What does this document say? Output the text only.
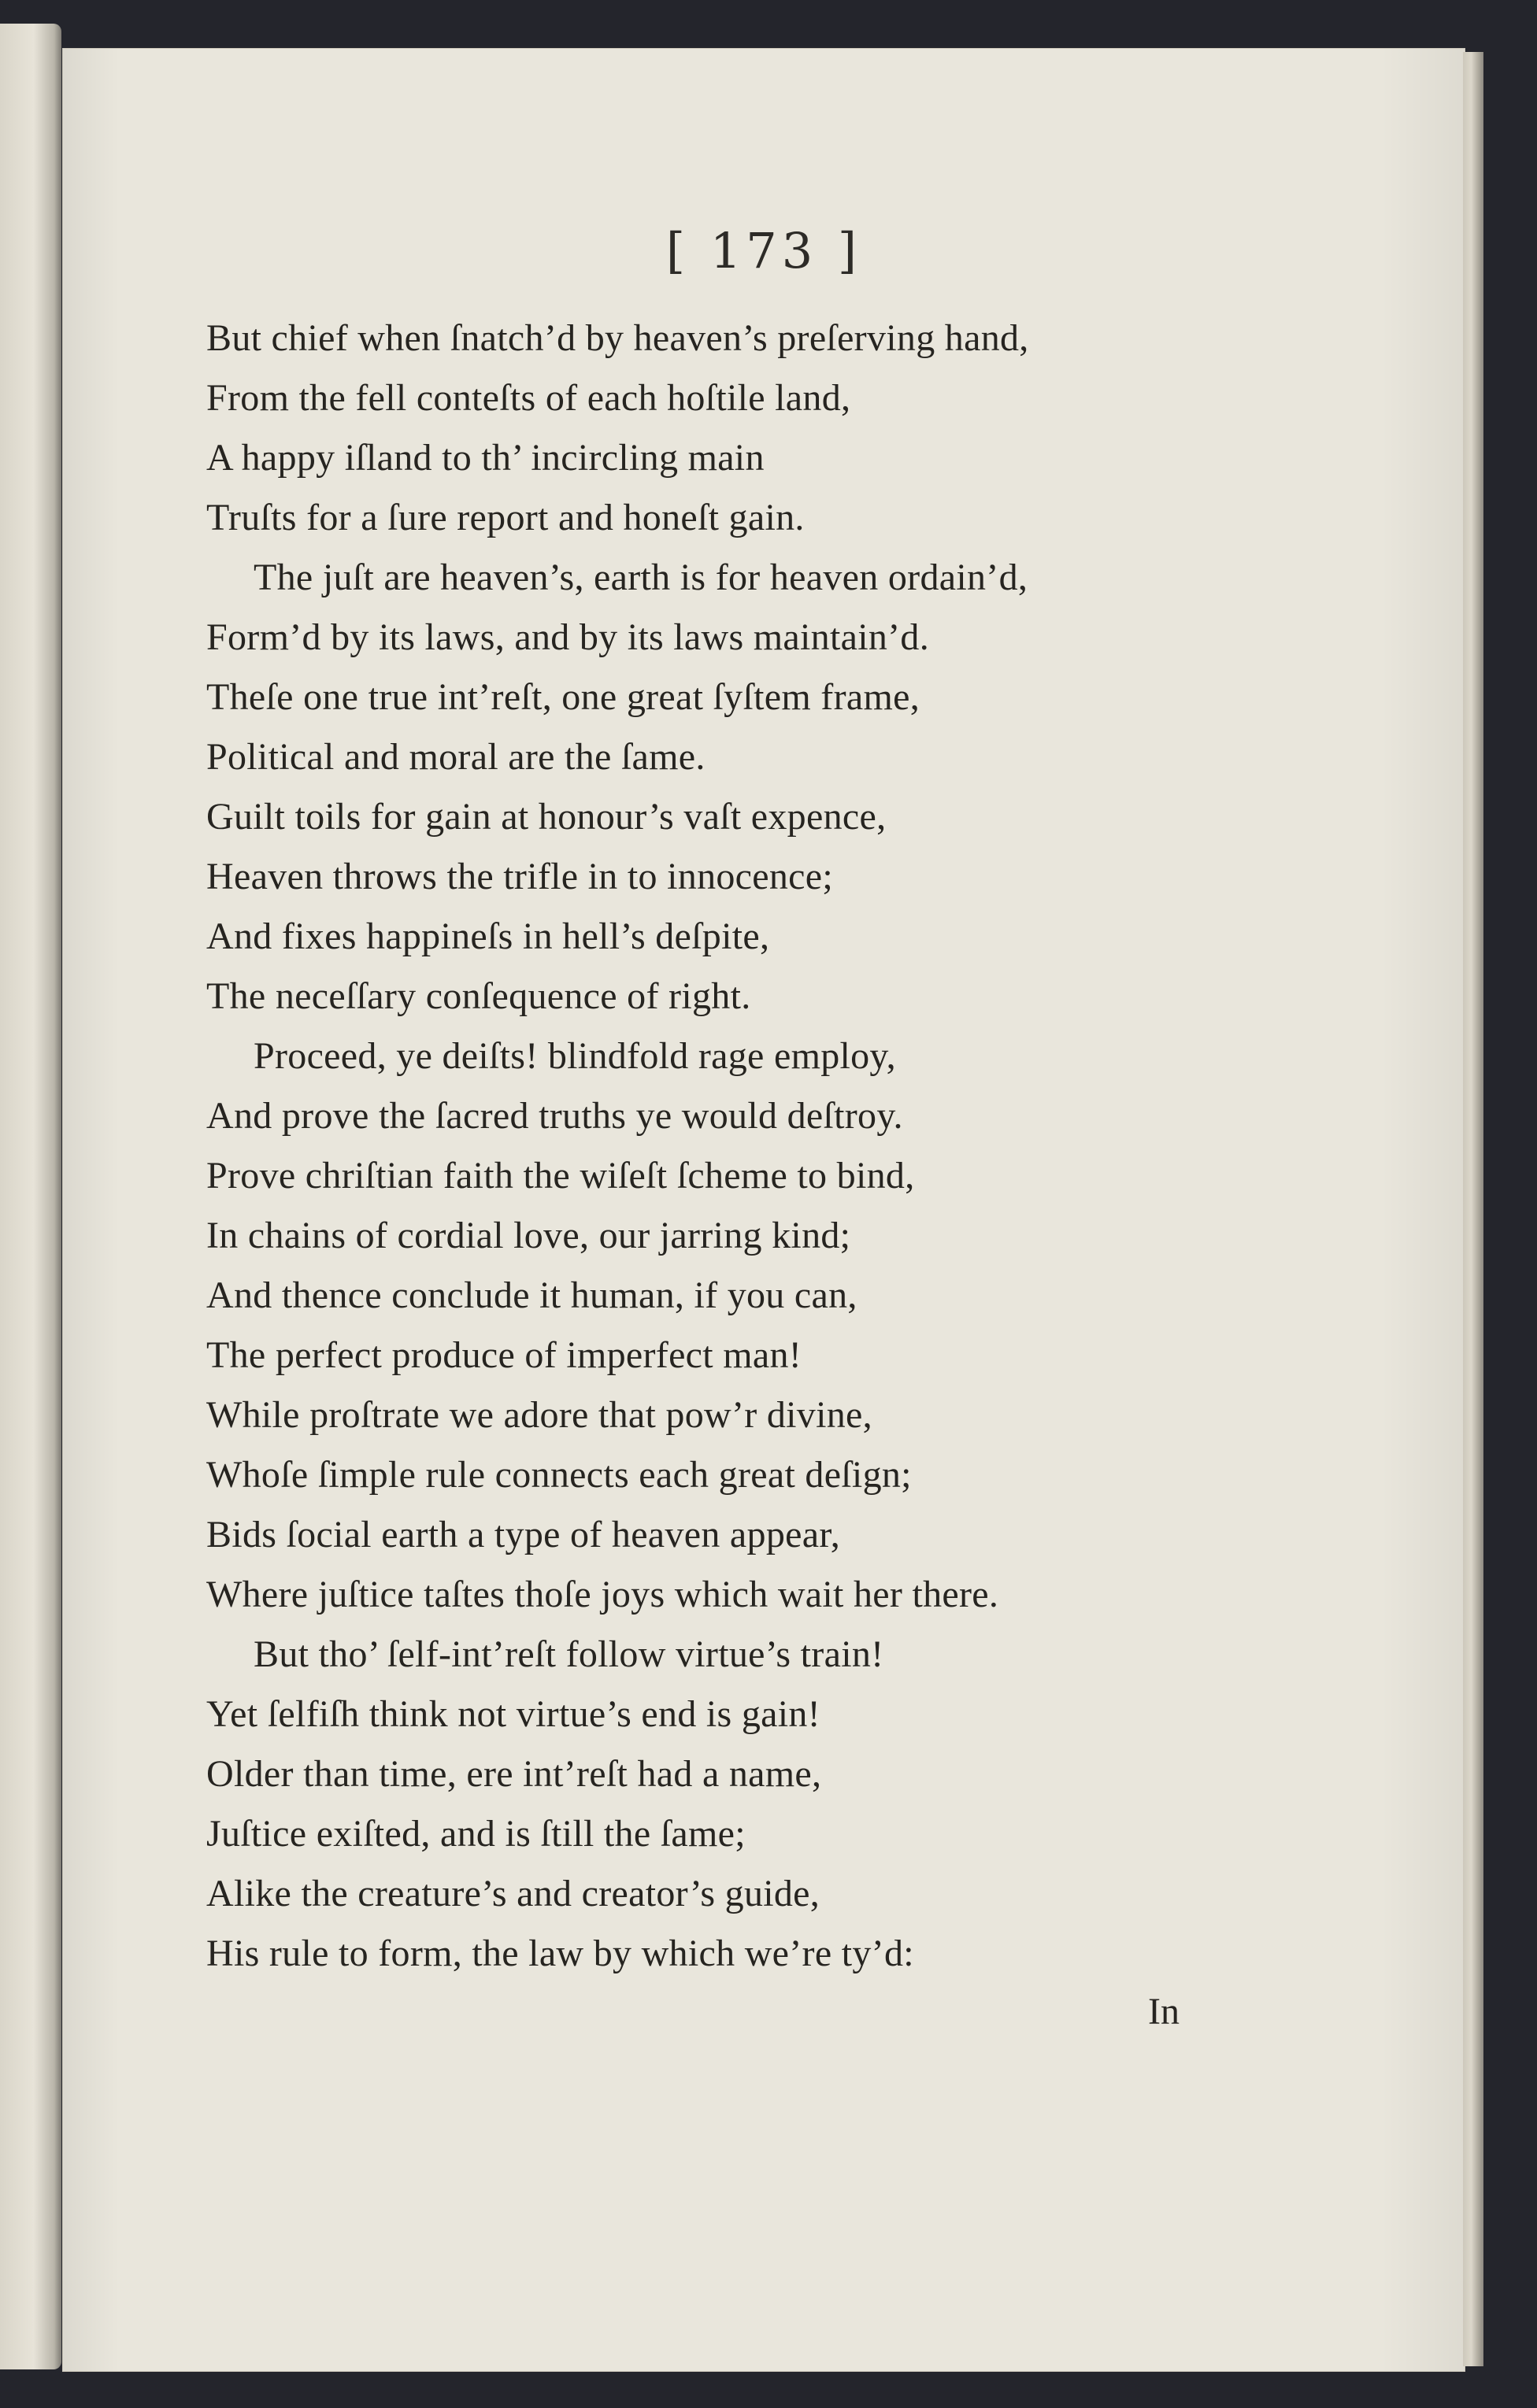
[ 173 ]
But chief when ſnatch’d by heaven’s preſerving hand,
From the fell conteſts of each hoſtile land,
A happy iſland to th’ incircling main
Truſts for a ſure report and honeſt gain.
The juſt are heaven’s, earth is for heaven ordain’d,
Form’d by its laws, and by its laws maintain’d.
Theſe one true int’reſt, one great ſyſtem frame,
Political and moral are the ſame.
Guilt toils for gain at honour’s vaſt expence,
Heaven throws the trifle in to innocence;
And fixes happineſs in hell’s deſpite,
The neceſſary conſequence of right.
Proceed, ye deiſts! blindfold rage employ,
And prove the ſacred truths ye would deſtroy.
Prove chriſtian faith the wiſeſt ſcheme to bind,
In chains of cordial love, our jarring kind;
And thence conclude it human, if you can,
The perfect produce of imperfect man!
While proſtrate we adore that pow’r divine,
Whoſe ſimple rule connects each great deſign;
Bids ſocial earth a type of heaven appear,
Where juſtice taſtes thoſe joys which wait her there.
But tho’ ſelf-int’reſt follow virtue’s train!
Yet ſelfiſh think not virtue’s end is gain!
Older than time, ere int’reſt had a name,
Juſtice exiſted, and is ſtill the ſame;
Alike the creature’s and creator’s guide,
His rule to form, the law by which we’re ty’d:
In
